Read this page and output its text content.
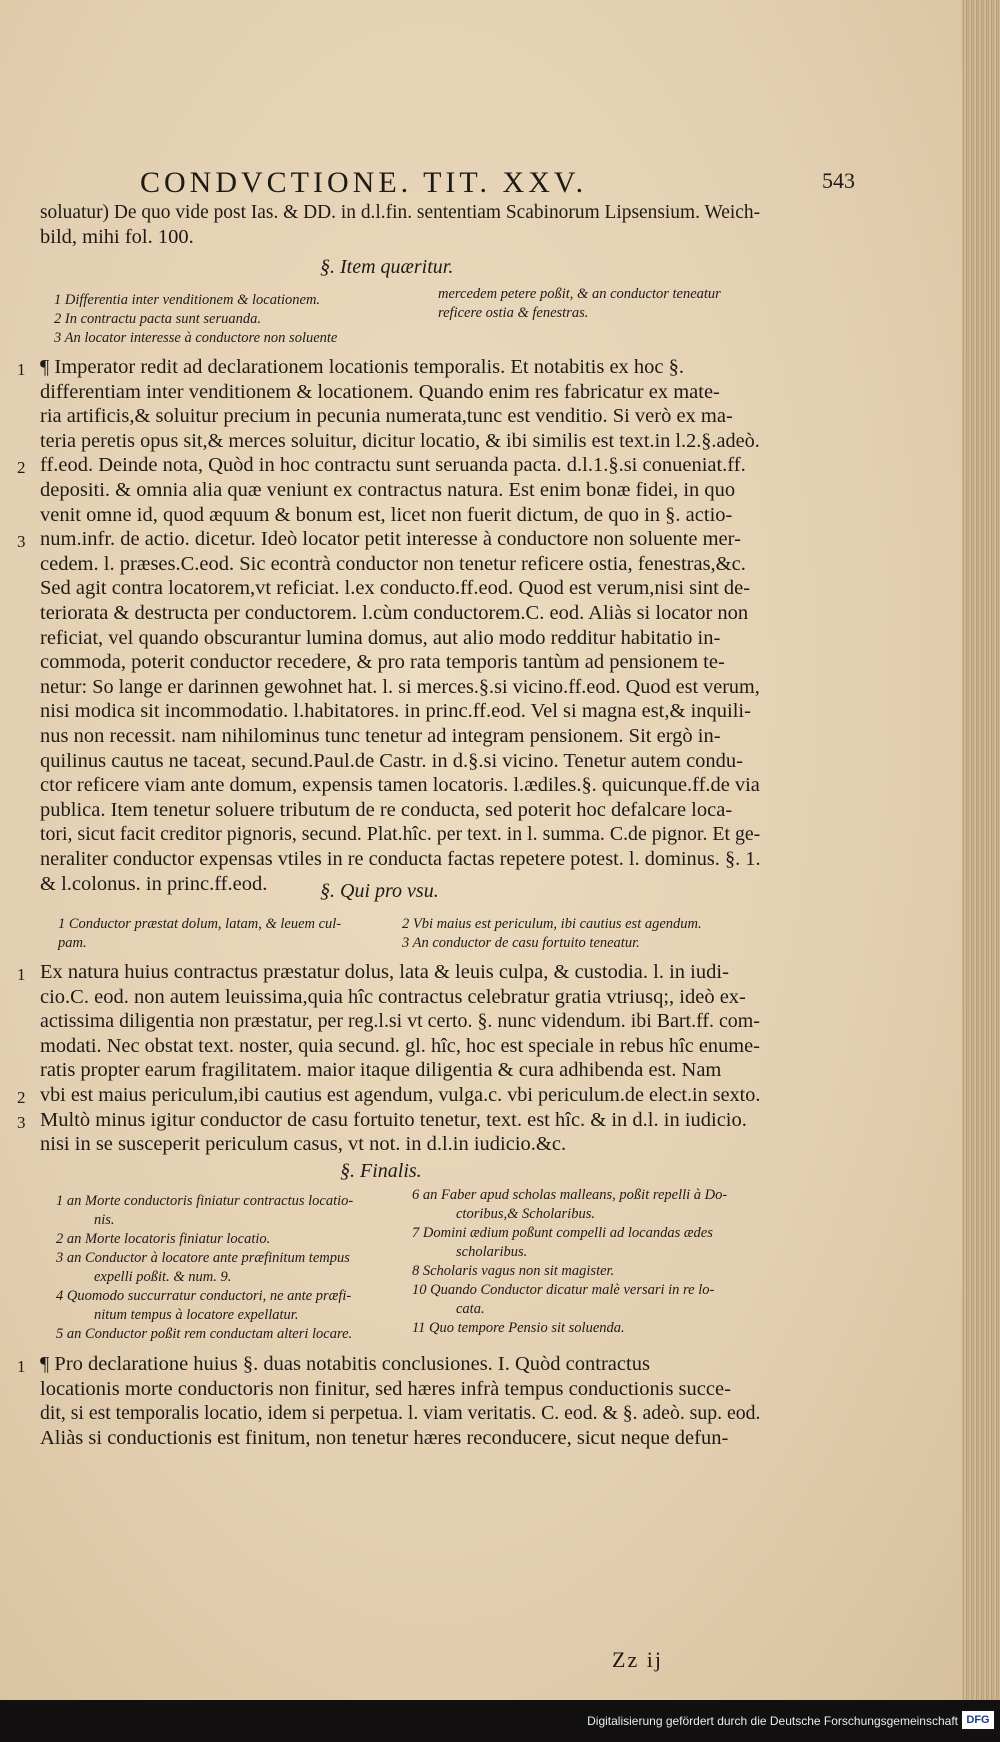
CONDVCTIONE. TIT. XXV.	543
soluatur) De quo vide post Ias. & DD. in d.l.fin. sententiam Scabinorum Lipsensium. Weich-
bild, mihi fol. 100.
§. Item quæritur.
1 Differentia inter venditionem & locationem.
2 In contractu pacta sunt seruanda.
3 An locator interesse à conductore non soluente
mercedem petere poßit, & an conductor teneatur
reficere ostia & fenestras.
¶ Imperator redit ad declarationem locationis temporalis. Et notabitis ex hoc §.
differentiam inter venditionem & locationem. Quando enim res fabricatur ex mate-
ria artificis,& soluitur precium in pecunia numerata,tunc est venditio. Si verò ex ma-
teria peretis opus sit,& merces soluitur, dicitur locatio, & ibi similis est text.in l.2.§.adeò.
ff.eod. Deinde nota, Quòd in hoc contractu sunt seruanda pacta. d.l.1.§.si conueniat.ff.
depositi. & omnia alia quæ veniunt ex contractus natura. Est enim bonæ fidei, in quo
venit omne id, quod æquum & bonum est, licet non fuerit dictum, de quo in §. actio-
num.infr. de actio. dicetur. Ideò locator petit interesse à conductore non soluente mer-
cedem. l. præses.C.eod. Sic econtrà conductor non tenetur reficere ostia, fenestras,&c.
Sed agit contra locatorem,vt reficiat. l.ex conducto.ff.eod. Quod est verum,nisi sint de-
teriorata & destructa per conductorem. l.cùm conductorem.C. eod. Aliàs si locator non
reficiat, vel quando obscurantur lumina domus, aut alio modo redditur habitatio in-
commoda, poterit conductor recedere, & pro rata temporis tantùm ad pensionem te-
netur: So lange er darinnen gewohnet hat. l. si merces.§.si vicino.ff.eod. Quod est verum,
nisi modica sit incommodatio. l.habitatores. in princ.ff.eod. Vel si magna est,& inquili-
nus non recessit. nam nihilominus tunc tenetur ad integram pensionem. Sit ergò in-
quilinus cautus ne taceat, secund.Paul.de Castr. in d.§.si vicino. Tenetur autem condu-
ctor reficere viam ante domum, expensis tamen locatoris. l.ædiles.§. quicunque.ff.de via
publica. Item tenetur soluere tributum de re conducta, sed poterit hoc defalcare loca-
tori, sicut facit creditor pignoris, secund. Plat.hîc. per text. in l. summa. C.de pignor. Et ge-
neraliter conductor expensas vtiles in re conducta factas repetere potest. l. dominus. §. 1.
& l.colonus. in princ.ff.eod.
1
2
3
§. Qui pro vsu.
1 Conductor præstat dolum, latam, & leuem cul-
pam.
2 Vbi maius est periculum, ibi cautius est agendum.
3 An conductor de casu fortuito teneatur.
Ex natura huius contractus præstatur dolus, lata & leuis culpa, & custodia. l. in iudi-
cio.C. eod. non autem leuissima,quia hîc contractus celebratur gratia vtriusq;, ideò ex-
actissima diligentia non præstatur, per reg.l.si vt certo. §. nunc videndum. ibi Bart.ff. com-
modati. Nec obstat text. noster, quia secund. gl. hîc, hoc est speciale in rebus hîc enume-
ratis propter earum fragilitatem. maior itaque diligentia & cura adhibenda est. Nam
vbi est maius periculum,ibi cautius est agendum, vulga.c. vbi periculum.de elect.in sexto.
Multò minus igitur conductor de casu fortuito tenetur, text. est hîc. & in d.l. in iudicio.
nisi in se susceperit periculum casus, vt not. in d.l.in iudicio.&c.
1
2
3
§. Finalis.
1 an Morte conductoris finiatur contractus locatio-
nis.
2 an Morte locatoris finiatur locatio.
3 an Conductor à locatore ante præfinitum tempus
expelli poßit. & num. 9.
4 Quomodo succurratur conductori, ne ante præfi-
nitum tempus à locatore expellatur.
5 an Conductor poßit rem conductam alteri locare.
6 an Faber apud scholas malleans, poßit repelli à Do-
ctoribus,& Scholaribus.
7 Domini ædium poßunt compelli ad locandas ædes
scholaribus.
8 Scholaris vagus non sit magister.
10 Quando Conductor dicatur malè versari in re lo-
cata.
11 Quo tempore Pensio sit soluenda.
¶ Pro declaratione huius §. duas notabitis conclusiones. I. Quòd contractus
locationis morte conductoris non finitur, sed hæres infrà tempus conductionis succe-
dit, si est temporalis locatio, idem si perpetua. l. viam veritatis. C. eod. & §. adeò. sup. eod.
Aliàs si conductionis est finitum, non tenetur hæres reconducere, sicut neque defun-
1
Zz ij
Digitalisierung gefördert durch die Deutsche Forschungsgemeinschaft DFG
